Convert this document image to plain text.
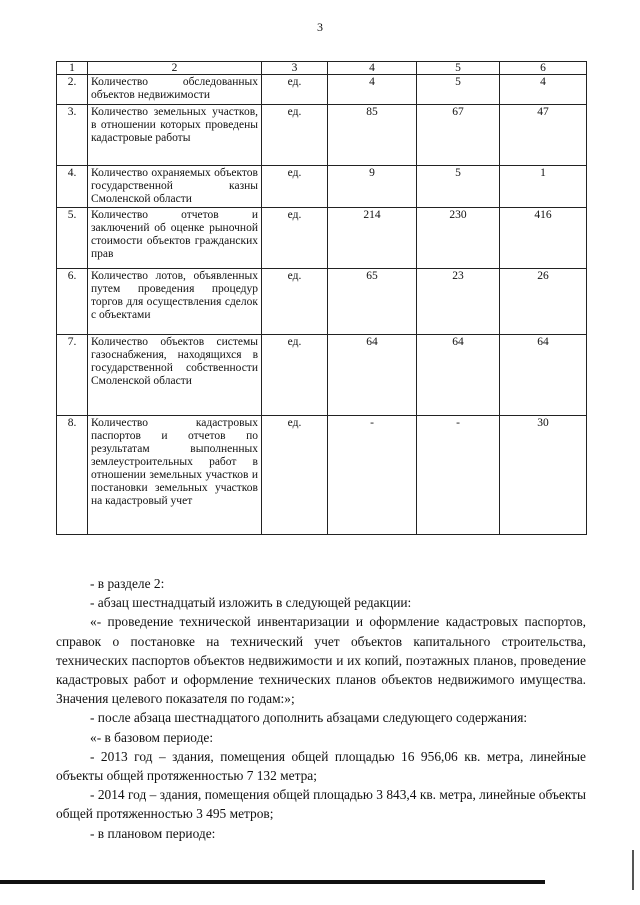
3
1	2	3	4	5	6
2.	Количество обследованных объектов недвижимости	ед.	4	5	4
3.	Количество земельных участков, в отношении которых проведены кадастровые работы	ед.	85	67	47
4.	Количество охраняемых объектов государственной казны Смоленской области	ед.	9	5	1
5.	Количество отчетов и заключений об оценке рыночной стоимости объектов гражданских прав	ед.	214	230	416
6.	Количество лотов, объявленных путем проведения процедур торгов для осуществления сделок с объектами	ед.	65	23	26
7.	Количество объектов системы газоснабжения, находящихся в государственной собственности Смоленской области	ед.	64	64	64
8.	Количество кадастровых паспортов и отчетов по результатам выполненных землеустроительных работ в отношении земельных участков и постановки земельных участков на кадастровый учет	ед.	-	-	30

- в разделе 2:

- абзац шестнадцатый изложить в следующей редакции:

«- проведение технической инвентаризации и оформление кадастровых паспортов, справок о постановке на технический учет объектов капитального строительства, технических паспортов объектов недвижимости и их копий, поэтажных планов, проведение кадастровых работ и оформление технических планов объектов недвижимого имущества. Значения целевого показателя по годам:»;

- после абзаца шестнадцатого дополнить абзацами следующего содержания:

«- в базовом периоде:

- 2013 год – здания, помещения общей площадью 16 956,06 кв. метра, линейные объекты общей протяженностью 7 132 метра;

- 2014 год – здания, помещения общей площадью 3 843,4 кв. метра, линейные объекты общей протяженностью 3 495 метров;

- в плановом периоде:
